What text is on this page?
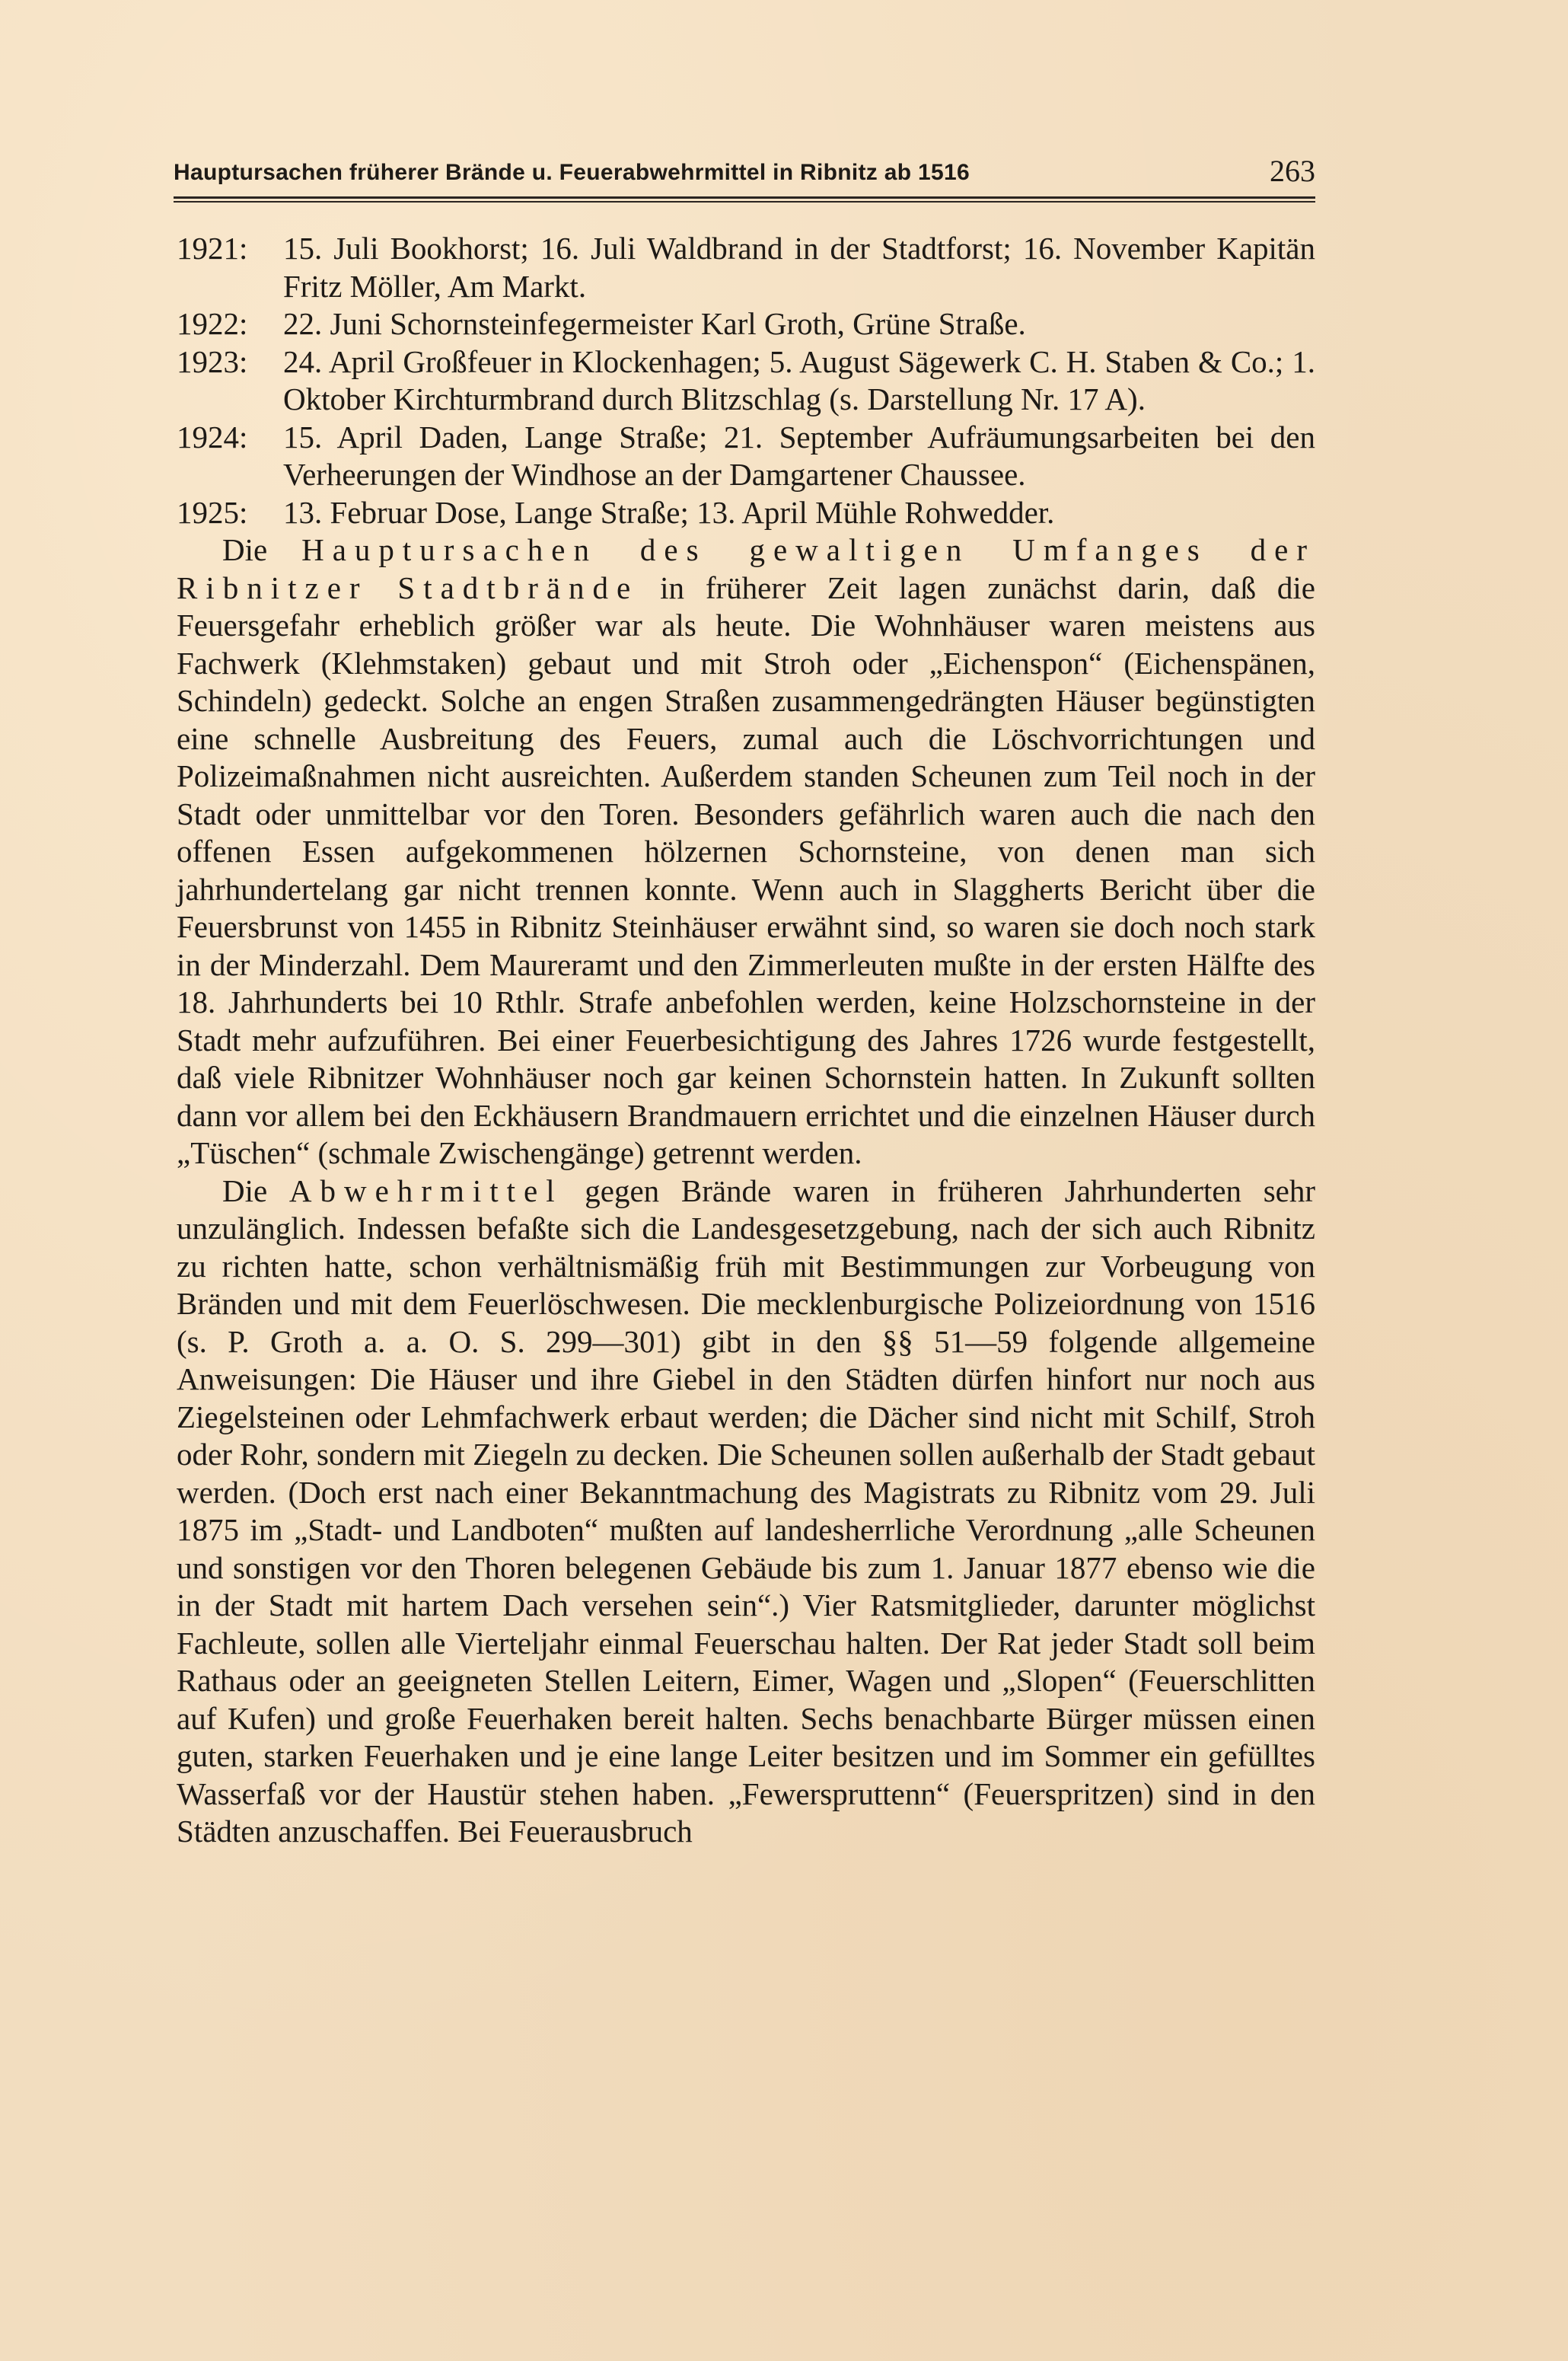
Hauptursachen früherer Brände u. Feuerabwehrmittel in Ribnitz ab 1516	263
1921:	15. Juli Bookhorst; 16. Juli Waldbrand in der Stadtforst; 16. November Kapitän Fritz Möller, Am Markt.
1922:	22. Juni Schornsteinfegermeister Karl Groth, Grüne Straße.
1923:	24. April Großfeuer in Klockenhagen; 5. August Sägewerk C. H. Staben & Co.; 1. Oktober Kirchturmbrand durch Blitzschlag (s. Darstellung Nr. 17 A).
1924:	15. April Daden, Lange Straße; 21. September Aufräumungsarbeiten bei den Verheerungen der Windhose an der Damgartener Chaussee.
1925:	13. Februar Dose, Lange Straße; 13. April Mühle Rohwedder.

Die Hauptursachen des gewaltigen Umfanges der Ribnitzer Stadtbrände in früherer Zeit lagen zunächst darin, daß die Feuersgefahr erheblich größer war als heute. Die Wohnhäuser waren meistens aus Fachwerk (Klehmstaken) gebaut und mit Stroh oder „Eichenspon“ (Eichenspänen, Schindeln) gedeckt. Solche an engen Straßen zusammengedrängten Häuser begünstigten eine schnelle Ausbreitung des Feuers, zumal auch die Löschvorrichtungen und Polizeimaßnahmen nicht ausreichten. Außerdem standen Scheunen zum Teil noch in der Stadt oder unmittelbar vor den Toren. Besonders gefährlich waren auch die nach den offenen Essen aufgekommenen hölzernen Schornsteine, von denen man sich jahrhundertelang gar nicht trennen konnte. Wenn auch in Slaggherts Bericht über die Feuersbrunst von 1455 in Ribnitz Steinhäuser erwähnt sind, so waren sie doch noch stark in der Minderzahl. Dem Maureramt und den Zimmerleuten mußte in der ersten Hälfte des 18. Jahrhunderts bei 10 Rthlr. Strafe anbefohlen werden, keine Holzschornsteine in der Stadt mehr aufzuführen. Bei einer Feuerbesichtigung des Jahres 1726 wurde festgestellt, daß viele Ribnitzer Wohnhäuser noch gar keinen Schornstein hatten. In Zukunft sollten dann vor allem bei den Eckhäusern Brandmauern errichtet und die einzelnen Häuser durch „Tüschen“ (schmale Zwischengänge) getrennt werden.

Die Abwehrmittel gegen Brände waren in früheren Jahrhunderten sehr unzulänglich. Indessen befaßte sich die Landesgesetzgebung, nach der sich auch Ribnitz zu richten hatte, schon verhältnismäßig früh mit Bestimmungen zur Vorbeugung von Bränden und mit dem Feuerlöschwesen. Die mecklenburgische Polizeiordnung von 1516 (s. P. Groth a. a. O. S. 299—301) gibt in den §§ 51—59 folgende allgemeine Anweisungen: Die Häuser und ihre Giebel in den Städten dürfen hinfort nur noch aus Ziegelsteinen oder Lehmfachwerk erbaut werden; die Dächer sind nicht mit Schilf, Stroh oder Rohr, sondern mit Ziegeln zu decken. Die Scheunen sollen außerhalb der Stadt gebaut werden. (Doch erst nach einer Bekanntmachung des Magistrats zu Ribnitz vom 29. Juli 1875 im „Stadt- und Landboten“ mußten auf landesherrliche Verordnung „alle Scheunen und sonstigen vor den Thoren belegenen Gebäude bis zum 1. Januar 1877 ebenso wie die in der Stadt mit hartem Dach versehen sein“.) Vier Ratsmitglieder, darunter möglichst Fachleute, sollen alle Vierteljahr einmal Feuerschau halten. Der Rat jeder Stadt soll beim Rathaus oder an geeigneten Stellen Leitern, Eimer, Wagen und „Slopen“ (Feuerschlitten auf Kufen) und große Feuerhaken bereit halten. Sechs benachbarte Bürger müssen einen guten, starken Feuerhaken und je eine lange Leiter besitzen und im Sommer ein gefülltes Wasserfaß vor der Haustür stehen haben. „Fewerspruttenn“ (Feuerspritzen) sind in den Städten anzuschaffen. Bei Feuerausbruch
